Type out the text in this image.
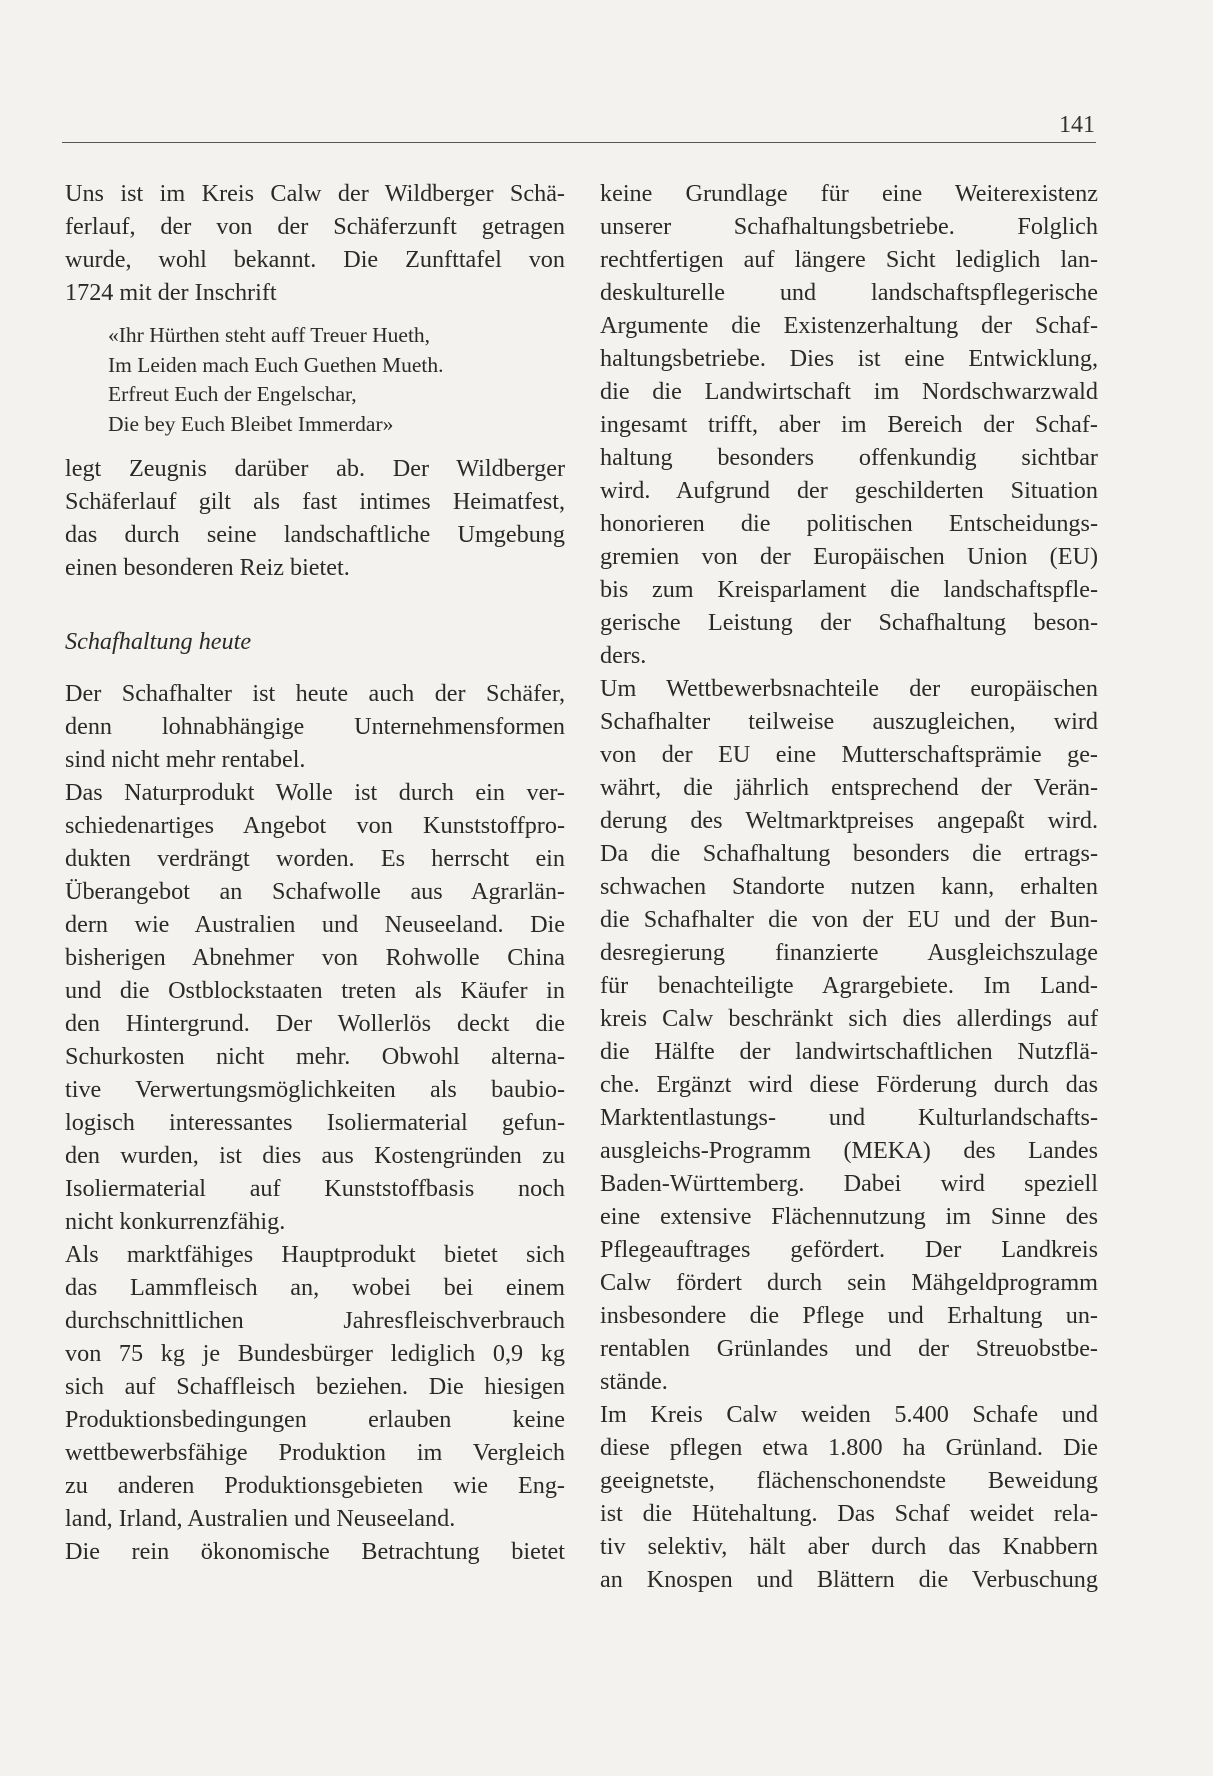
141
Uns ist im Kreis Calw der Wildberger Schä-
ferlauf, der von der Schäferzunft getragen
wurde, wohl bekannt. Die Zunfttafel von
1724 mit der Inschrift
«Ihr Hürthen steht auff Treuer Hueth,
Im Leiden mach Euch Guethen Mueth.
Erfreut Euch der Engelschar,
Die bey Euch Bleibet Immerdar»
legt Zeugnis darüber ab. Der Wildberger
Schäferlauf gilt als fast intimes Heimatfest,
das durch seine landschaftliche Umgebung
einen besonderen Reiz bietet.
Schafhaltung heute
Der Schafhalter ist heute auch der Schäfer,
denn lohnabhängige Unternehmensformen
sind nicht mehr rentabel.
Das Naturprodukt Wolle ist durch ein ver-
schiedenartiges Angebot von Kunststoffpro-
dukten verdrängt worden. Es herrscht ein
Überangebot an Schafwolle aus Agrarlän-
dern wie Australien und Neuseeland. Die
bisherigen Abnehmer von Rohwolle China
und die Ostblockstaaten treten als Käufer in
den Hintergrund. Der Wollerlös deckt die
Schurkosten nicht mehr. Obwohl alterna-
tive Verwertungsmöglichkeiten als baubio-
logisch interessantes Isoliermaterial gefun-
den wurden, ist dies aus Kostengründen zu
Isoliermaterial auf Kunststoffbasis noch
nicht konkurrenzfähig.
Als marktfähiges Hauptprodukt bietet sich
das Lammfleisch an, wobei bei einem
durchschnittlichen Jahresfleischverbrauch
von 75 kg je Bundesbürger lediglich 0,9 kg
sich auf Schaffleisch beziehen. Die hiesigen
Produktionsbedingungen erlauben keine
wettbewerbsfähige Produktion im Vergleich
zu anderen Produktionsgebieten wie Eng-
land, Irland, Australien und Neuseeland.
Die rein ökonomische Betrachtung bietet
keine Grundlage für eine Weiterexistenz
unserer Schafhaltungsbetriebe. Folglich
rechtfertigen auf längere Sicht lediglich lan-
deskulturelle und landschaftspflegerische
Argumente die Existenzerhaltung der Schaf-
haltungsbetriebe. Dies ist eine Entwicklung,
die die Landwirtschaft im Nordschwarzwald
ingesamt trifft, aber im Bereich der Schaf-
haltung besonders offenkundig sichtbar
wird. Aufgrund der geschilderten Situation
honorieren die politischen Entscheidungs-
gremien von der Europäischen Union (EU)
bis zum Kreisparlament die landschaftspfle-
gerische Leistung der Schafhaltung beson-
ders.
Um Wettbewerbsnachteile der europäischen
Schafhalter teilweise auszugleichen, wird
von der EU eine Mutterschaftsprämie ge-
währt, die jährlich entsprechend der Verän-
derung des Weltmarktpreises angepaßt wird.
Da die Schafhaltung besonders die ertrags-
schwachen Standorte nutzen kann, erhalten
die Schafhalter die von der EU und der Bun-
desregierung finanzierte Ausgleichszulage
für benachteiligte Agrargebiete. Im Land-
kreis Calw beschränkt sich dies allerdings auf
die Hälfte der landwirtschaftlichen Nutzflä-
che. Ergänzt wird diese Förderung durch das
Marktentlastungs- und Kulturlandschafts-
ausgleichs-Programm (MEKA) des Landes
Baden-Württemberg. Dabei wird speziell
eine extensive Flächennutzung im Sinne des
Pflegeauftrages gefördert. Der Landkreis
Calw fördert durch sein Mähgeldprogramm
insbesondere die Pflege und Erhaltung un-
rentablen Grünlandes und der Streuobstbe-
stände.
Im Kreis Calw weiden 5.400 Schafe und
diese pflegen etwa 1.800 ha Grünland. Die
geeignetste, flächenschonendste Beweidung
ist die Hütehaltung. Das Schaf weidet rela-
tiv selektiv, hält aber durch das Knabbern
an Knospen und Blättern die Verbuschung
